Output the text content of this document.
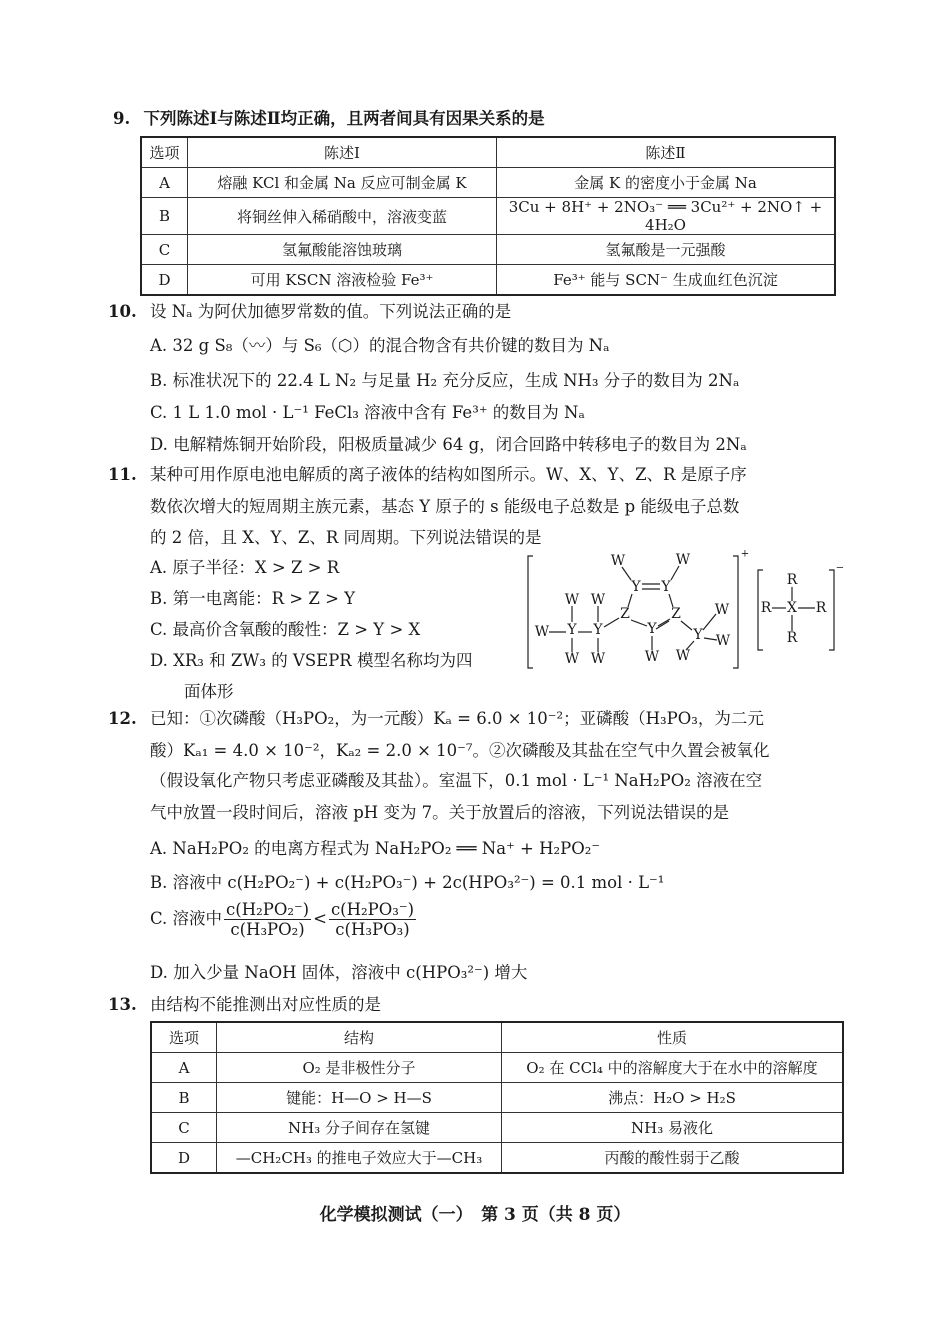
9. 下列陈述Ⅰ与陈述Ⅱ均正确，且两者间具有因果关系的是
选项	陈述Ⅰ	陈述Ⅱ
A	熔融 KCl 和金属 Na 反应可制金属 K	金属 K 的密度小于金属 Na
B	将铜丝伸入稀硝酸中，溶液变蓝	3Cu + 8H⁺ + 2NO₃⁻ ══ 3Cu²⁺ + 2NO↑ + 4H₂O
C	氢氟酸能溶蚀玻璃	氢氟酸是一元强酸
D	可用 KSCN 溶液检验 Fe³⁺	Fe³⁺ 能与 SCN⁻ 生成血红色沉淀
10. 设 Nₐ 为阿伏加德罗常数的值。下列说法正确的是
A. 32 g S₈（〰）与 S₆（⬡）的混合物含有共价键的数目为 Nₐ
B. 标准状况下的 22.4 L N₂ 与足量 H₂ 充分反应，生成 NH₃ 分子的数目为 2Nₐ
C. 1 L 1.0 mol · L⁻¹ FeCl₃ 溶液中含有 Fe³⁺ 的数目为 Nₐ
D. 电解精炼铜开始阶段，阳极质量减少 64 g，闭合回路中转移电子的数目为 2Nₐ
11. 某种可用作原电池电解质的离子液体的结构如图所示。W、X、Y、Z、R 是原子序
数依次增大的短周期主族元素，基态 Y 原子的 s 能级电子总数是 p 能级电子总数
的 2 倍，且 X、Y、Z、R 同周期。下列说法错误的是
A. 原子半径：X > Z > R
B. 第一电离能：R > Z > Y
C. 最高价含氧酸的酸性：Z > Y > X
D. XR₃ 和 ZW₃ 的 VSEPR 模型名称均为四
面体形
W	W
Y Y
Z	Z
Y
W
W Y Y
W W
W W
Y
W
W
W
+
R
R X R
R
−
12. 已知：①次磷酸（H₃PO₂，为一元酸）Kₐ = 6.0 × 10⁻²；亚磷酸（H₃PO₃，为二元
酸）Kₐ₁ = 4.0 × 10⁻²，Kₐ₂ = 2.0 × 10⁻⁷。②次磷酸及其盐在空气中久置会被氧化
（假设氧化产物只考虑亚磷酸及其盐）。室温下，0.1 mol · L⁻¹ NaH₂PO₂ 溶液在空
气中放置一段时间后，溶液 pH 变为 7。关于放置后的溶液，下列说法错误的是
A. NaH₂PO₂ 的电离方程式为 NaH₂PO₂ ══ Na⁺ + H₂PO₂⁻
B. 溶液中 c(H₂PO₂⁻) + c(H₂PO₃⁻) + 2c(HPO₃²⁻) = 0.1 mol · L⁻¹
C. 溶液中 $\frac{\text{c(H₂PO₂⁻)}}{\text{c(H₃PO₂)}} < \frac{\text{c(H₂PO₃⁻)}}{\text{c(H₃PO₃)}}$
D. 加入少量 NaOH 固体，溶液中 c(HPO₃²⁻) 增大
13. 由结构不能推测出对应性质的是
选项	结构	性质
A	O₂ 是非极性分子	O₂ 在 CCl₄ 中的溶解度大于在水中的溶解度
B	键能：H—O > H—S	沸点：H₂O > H₂S
C	NH₃ 分子间存在氢键	NH₃ 易液化
D	—CH₂CH₃ 的推电子效应大于—CH₃	丙酸的酸性弱于乙酸
化学模拟测试（一）　第 3 页（共 8 页）
